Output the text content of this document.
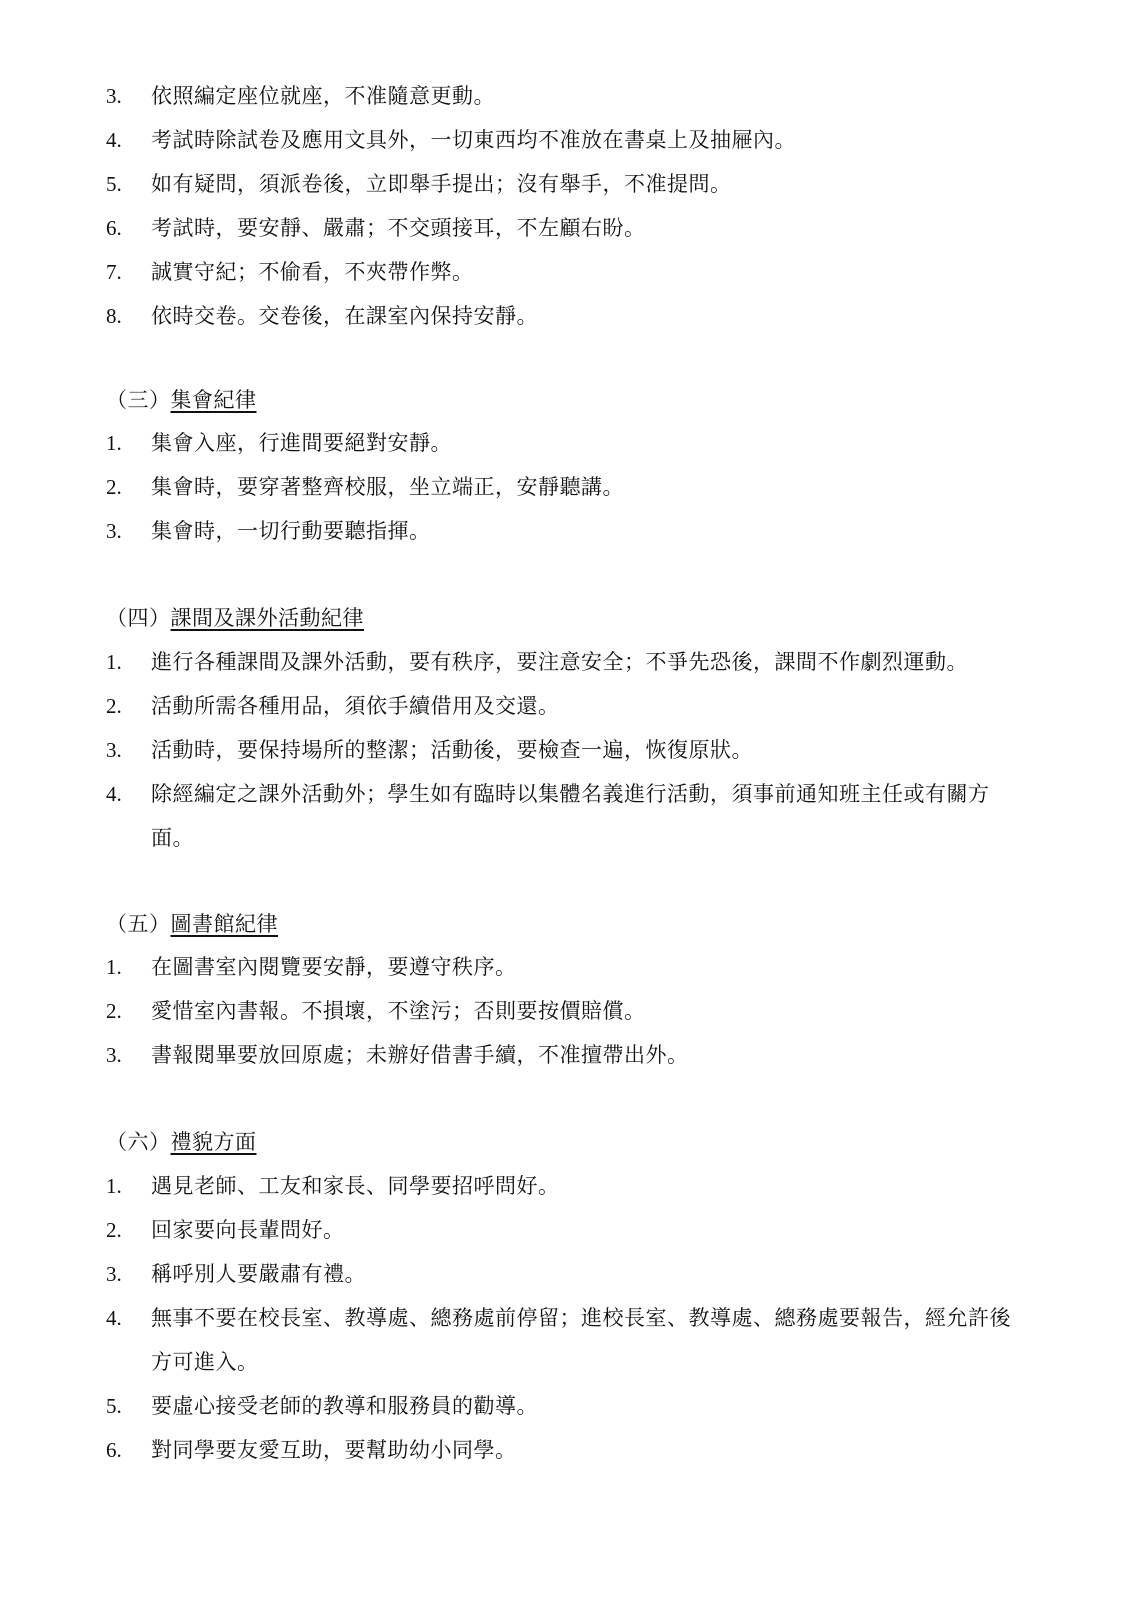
3.	依照編定座位就座，不准隨意更動。
4.	考試時除試卷及應用文具外，一切東西均不准放在書桌上及抽屜內。
5.	如有疑問，須派卷後，立即舉手提出；沒有舉手，不准提問。
6.	考試時，要安靜、嚴肅；不交頭接耳，不左顧右盼。
7.	誠實守紀；不偷看，不夾帶作弊。
8.	依時交卷。交卷後，在課室內保持安靜。
（三）集會紀律
1.	集會入座，行進間要絕對安靜。
2.	集會時，要穿著整齊校服，坐立端正，安靜聽講。
3.	集會時，一切行動要聽指揮。
（四）課間及課外活動紀律
1.	進行各種課間及課外活動，要有秩序，要注意安全；不爭先恐後，課間不作劇烈運動。
2.	活動所需各種用品，須依手續借用及交還。
3.	活動時，要保持場所的整潔；活動後，要檢查一遍，恢復原狀。
4.	除經編定之課外活動外；學生如有臨時以集體名義進行活動，須事前通知班主任或有關方面。
（五）圖書館紀律
1.	在圖書室內閱覽要安靜，要遵守秩序。
2.	愛惜室內書報。不損壞，不塗污；否則要按價賠償。
3.	書報閱畢要放回原處；未辦好借書手續，不准擅帶出外。
（六）禮貌方面
1.	遇見老師、工友和家長、同學要招呼問好。
2.	回家要向長輩問好。
3.	稱呼別人要嚴肅有禮。
4.	無事不要在校長室、教導處、總務處前停留；進校長室、教導處、總務處要報告，經允許後方可進入。
5.	要虛心接受老師的教導和服務員的勸導。
6.	對同學要友愛互助，要幫助幼小同學。
